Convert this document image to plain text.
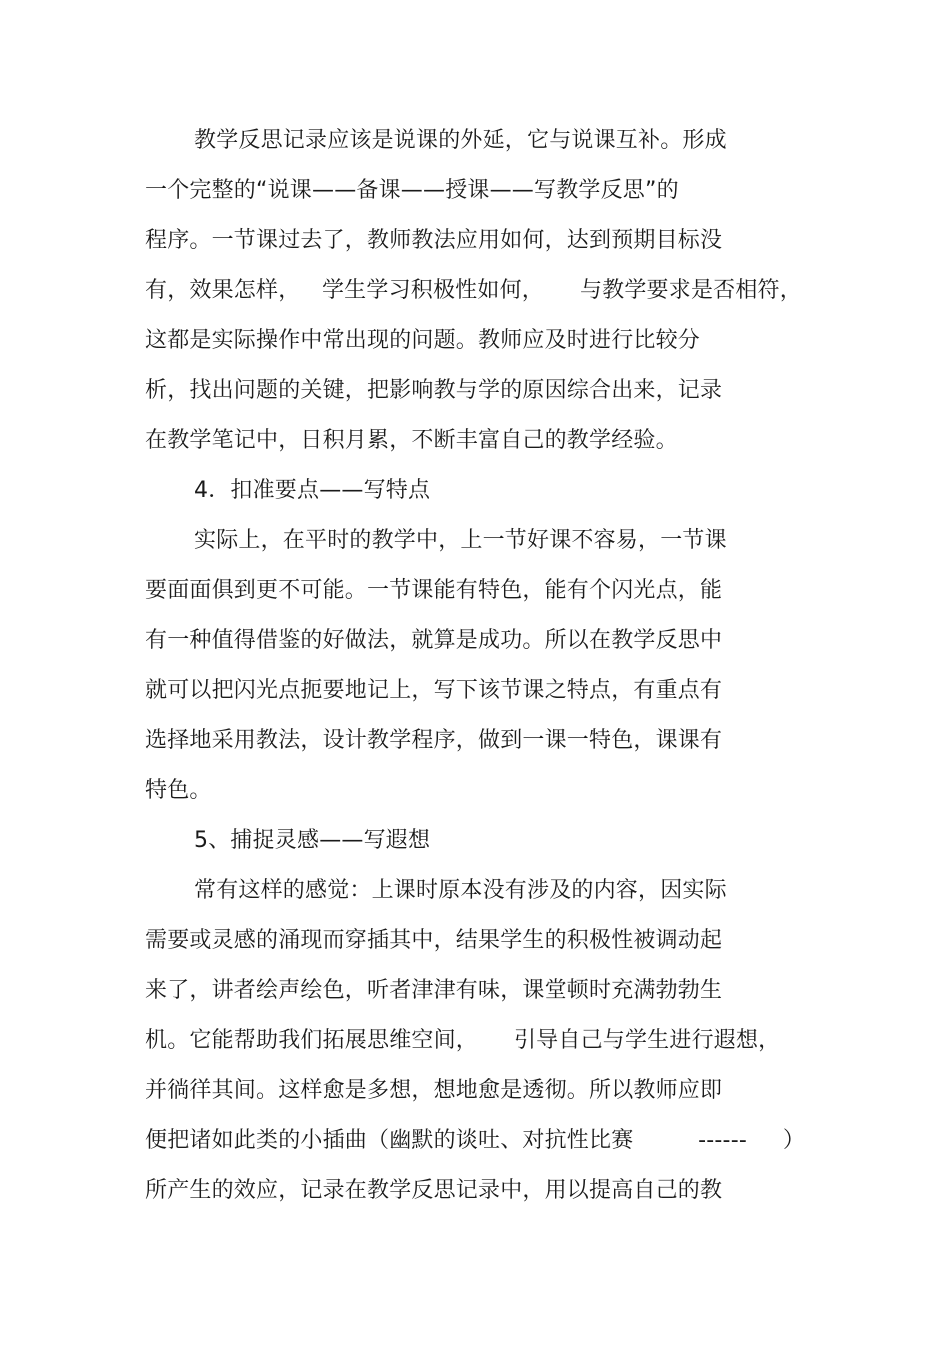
教学反思记录应该是说课的外延，它与说课互补。形成
一个完整的“说课——备课——授课——写教学反思”的
程序。一节课过去了，教师教法应用如何，达到预期目标没
有，效果怎样，   学生学习积极性如何，     与教学要求是否相符，
这都是实际操作中常出现的问题。教师应及时进行比较分
析，找出问题的关键，把影响教与学的原因综合出来，记录
在教学笔记中，日积月累，不断丰富自己的教学经验。
4．扣准要点——写特点
实际上，在平时的教学中，上一节好课不容易，一节课
要面面俱到更不可能。一节课能有特色，能有个闪光点，能
有一种值得借鉴的好做法，就算是成功。所以在教学反思中
就可以把闪光点扼要地记上，写下该节课之特点，有重点有
选择地采用教法，设计教学程序，做到一课一特色，课课有
特色。
5、捕捉灵感——写遐想
常有这样的感觉：上课时原本没有涉及的内容，因实际
需要或灵感的涌现而穿插其中，结果学生的积极性被调动起
来了，讲者绘声绘色，听者津津有味，课堂顿时充满勃勃生
机。它能帮助我们拓展思维空间，     引导自己与学生进行遐想，
并徜徉其间。这样愈是多想，想地愈是透彻。所以教师应即
便把诸如此类的小插曲（幽默的谈吐、对抗性比赛         ------     ）
所产生的效应，记录在教学反思记录中，用以提高自己的教
